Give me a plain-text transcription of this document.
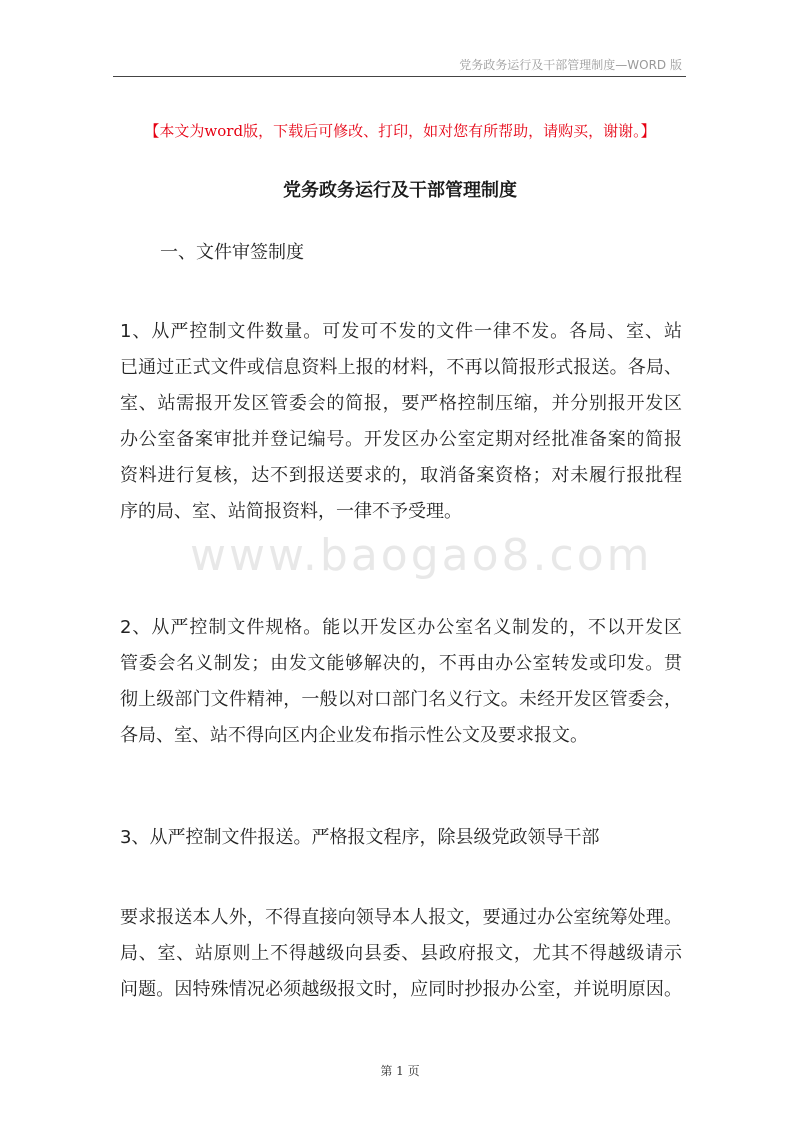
党务政务运行及干部管理制度—WORD 版
【本文为word版，下载后可修改、打印，如对您有所帮助，请购买，谢谢。】
党务政务运行及干部管理制度
一、文件审签制度
1、从严控制文件数量。可发可不发的文件一律不发。各局、室、站
已通过正式文件或信息资料上报的材料，不再以简报形式报送。各局、
室、站需报开发区管委会的简报，要严格控制压缩，并分别报开发区
办公室备案审批并登记编号。开发区办公室定期对经批准备案的简报
资料进行复核，达不到报送要求的，取消备案资格；对未履行报批程
序的局、室、站简报资料，一律不予受理。
www.baogao8.com
2、从严控制文件规格。能以开发区办公室名义制发的，不以开发区
管委会名义制发；由发文能够解决的，不再由办公室转发或印发。贯
彻上级部门文件精神，一般以对口部门名义行文。未经开发区管委会，
各局、室、站不得向区内企业发布指示性公文及要求报文。
3、从严控制文件报送。严格报文程序，除县级党政领导干部
要求报送本人外，不得直接向领导本人报文，要通过办公室统筹处理。
局、室、站原则上不得越级向县委、县政府报文，尤其不得越级请示
问题。因特殊情况必须越级报文时，应同时抄报办公室，并说明原因。
第 1 页
